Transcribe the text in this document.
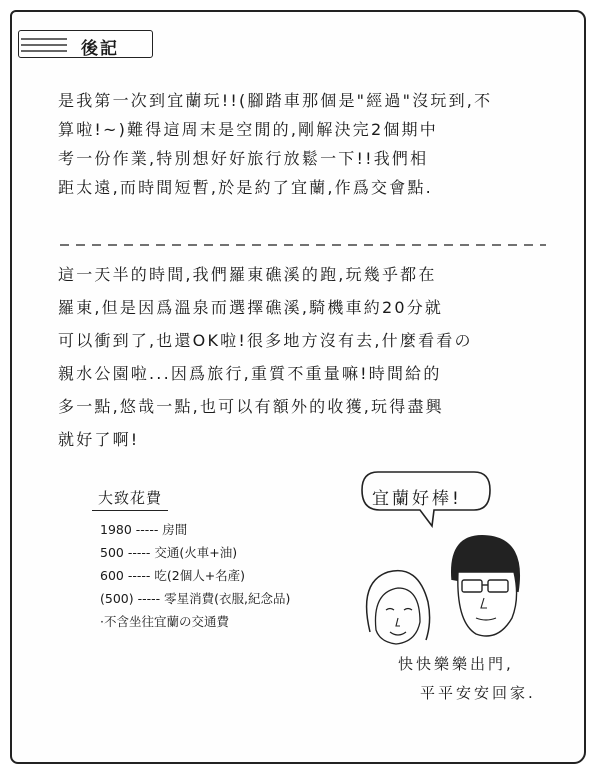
後記
是我第一次到宜蘭玩!!(腳踏車那個是"經過"沒玩到,不
算啦!~)難得這周末是空閒的,剛解決完2個期中
考一份作業,特別想好好旅行放鬆一下!!我們相
距太遠,而時間短暫,於是約了宜蘭,作爲交會點.
這一天半的時間,我們羅東礁溪的跑,玩幾乎都在
羅東,但是因爲溫泉而選擇礁溪,騎機車約20分就
可以衝到了,也還OK啦!很多地方沒有去,什麼看看の
親水公園啦...因爲旅行,重質不重量嘛!時間給的
多一點,悠哉一點,也可以有額外的收獲,玩得盡興
就好了啊!
大致花費
1980 ----- 房間
500 ----- 交通(火車+油)
600 ----- 吃(2個人+名產)
(500) ----- 零星消費(衣服,紀念品)
·不含坐往宜蘭の交通費
宜蘭好棒!
快快樂樂出門,
平平安安回家.
